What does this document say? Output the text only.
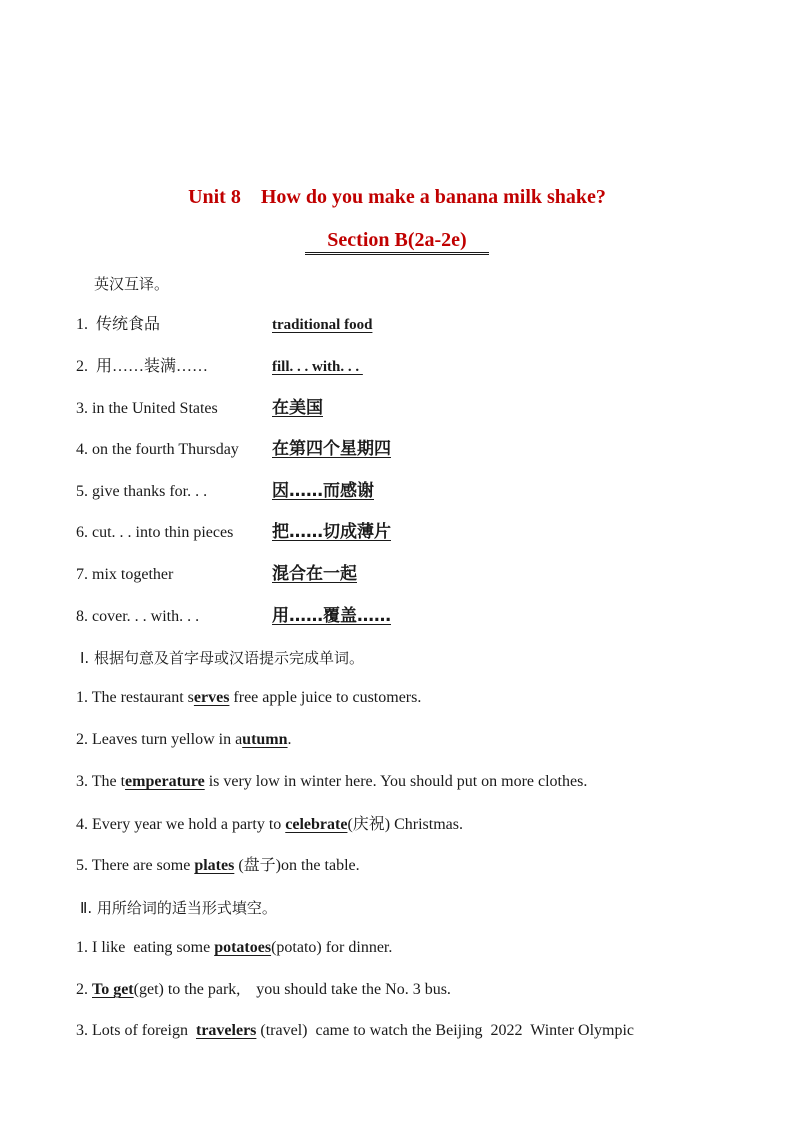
Unit 8    How do you make a banana milk shake?
Section B(2a-2e)
英汉互译。
1.  传统食品	traditional food
2.  用……装满……	fill. . . with. . .
3. in the United States	在美国
4. on the fourth Thursday 在第四个星期四
5. give thanks for. . .	因……而感谢
6. cut. . . into thin pieces 把……切成薄片
7. mix together	混合在一起
8. cover. . . with. . .	用……覆盖……
Ⅰ. 根据句意及首字母或汉语提示完成单词。
1. The restaurant serves free apple juice to customers.
2. Leaves turn yellow in autumn.
3. The temperature is very low in winter here. You should put on more clothes.
4. Every year we hold a party to celebrate(庆祝) Christmas.
5. There are some plates (盘子)on the table.
Ⅱ. 用所给词的适当形式填空。
1. I like  eating some potatoes(potato) for dinner.
2. To get(get) to the park,    you should take the No. 3 bus.
3. Lots of foreign  travelers (travel)  came to watch the Beijing  2022  Winter Olympic
